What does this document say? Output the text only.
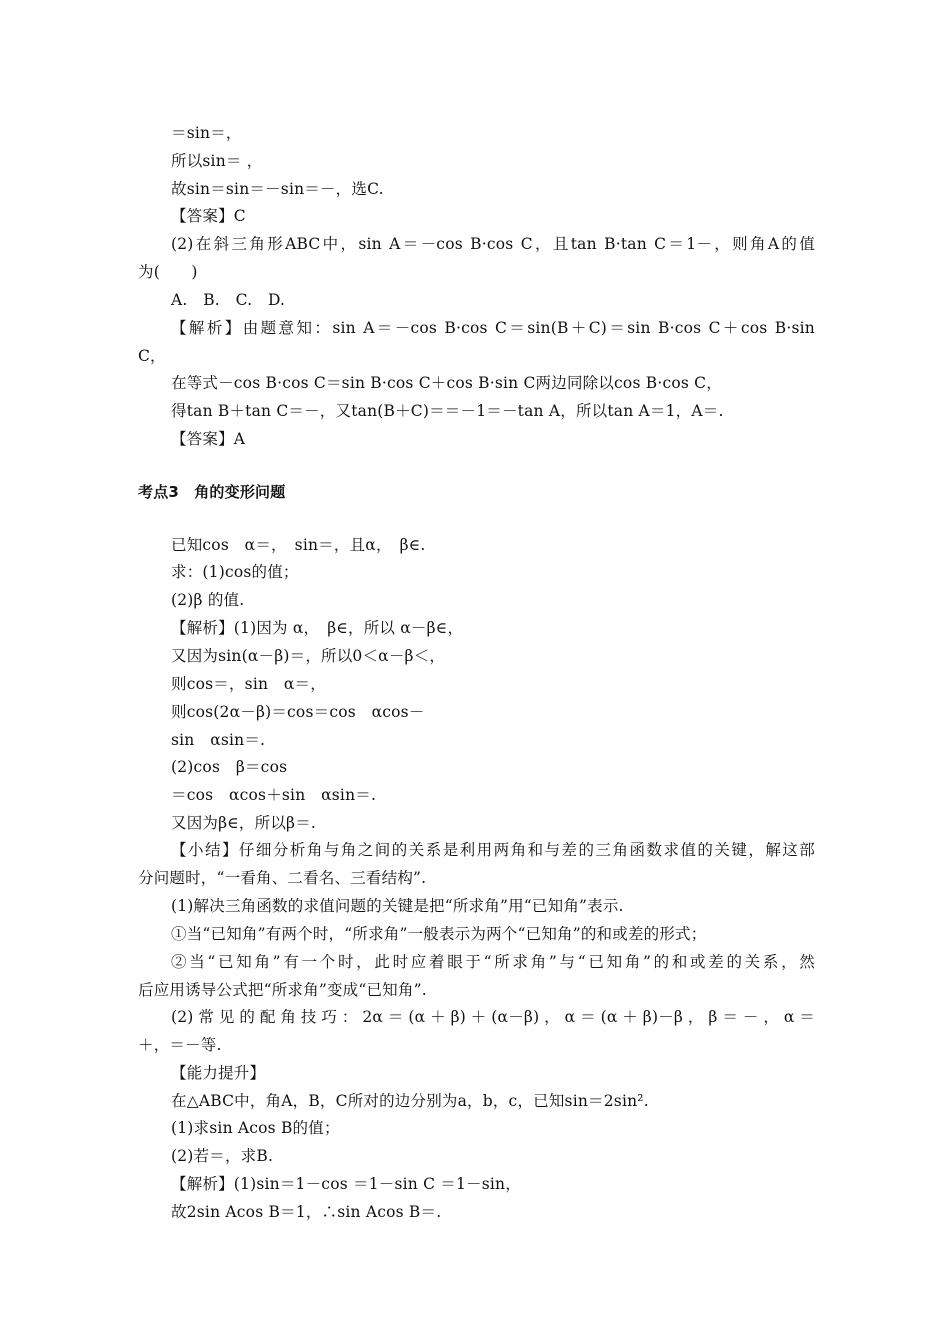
＝sin＝，
所以sin＝ ，
故sin＝sin＝－sin＝－，选C.
【答案】C
(2)在斜三角形ABC中，sin A＝－cos B·cos C，且tan B·tan C＝1－，则角A的值
为(　　)
A.　B.　C.　D.
【解析】由题意知：sin A＝－cos B·cos C＝sin(B＋C)＝sin B·cos C＋cos B·sin
C，
在等式－cos B·cos C＝sin B·cos C＋cos B·sin C两边同除以cos B·cos C，
得tan B＋tan C＝－，又tan(B＋C)＝＝－1＝－tan A，所以tan A＝1，A＝.
【答案】A
考点3　角的变形问题
已知cos　α＝，　sin＝，且α，　β∈.
求：(1)cos的值；
(2)β 的值.
【解析】(1)因为 α，　β∈，所以 α－β∈，
又因为sin(α－β)＝，所以0＜α－β＜，
则cos＝，sin　α＝，
则cos(2α－β)＝cos＝cos　αcos－
sin　αsin＝.
(2)cos　β＝cos
＝cos　αcos＋sin　αsin＝.
又因为β∈，所以β＝.
【小结】仔细分析角与角之间的关系是利用两角和与差的三角函数求值的关键，解这部
分问题时，“一看角、二看名、三看结构”.
(1)解决三角函数的求值问题的关键是把“所求角”用“已知角”表示.
①当“已知角”有两个时，“所求角”一般表示为两个“已知角”的和或差的形式；
②当“已知角”有一个时，此时应着眼于“所求角”与“已知角”的和或差的关系，然
后应用诱导公式把“所求角”变成“已知角”.
(2)常见的配角技巧：2α＝(α＋β)＋(α－β)，α＝(α＋β)－β，β＝－，α＝
＋，＝－等.
【能力提升】
在△ABC中，角A，B，C所对的边分别为a，b，c，已知sin＝2sin².
(1)求sin Acos B的值；
(2)若＝，求B.
【解析】(1)sin＝1－cos ＝1－sin C ＝1－sin，
故2sin Acos B＝1，∴sin Acos B＝.
